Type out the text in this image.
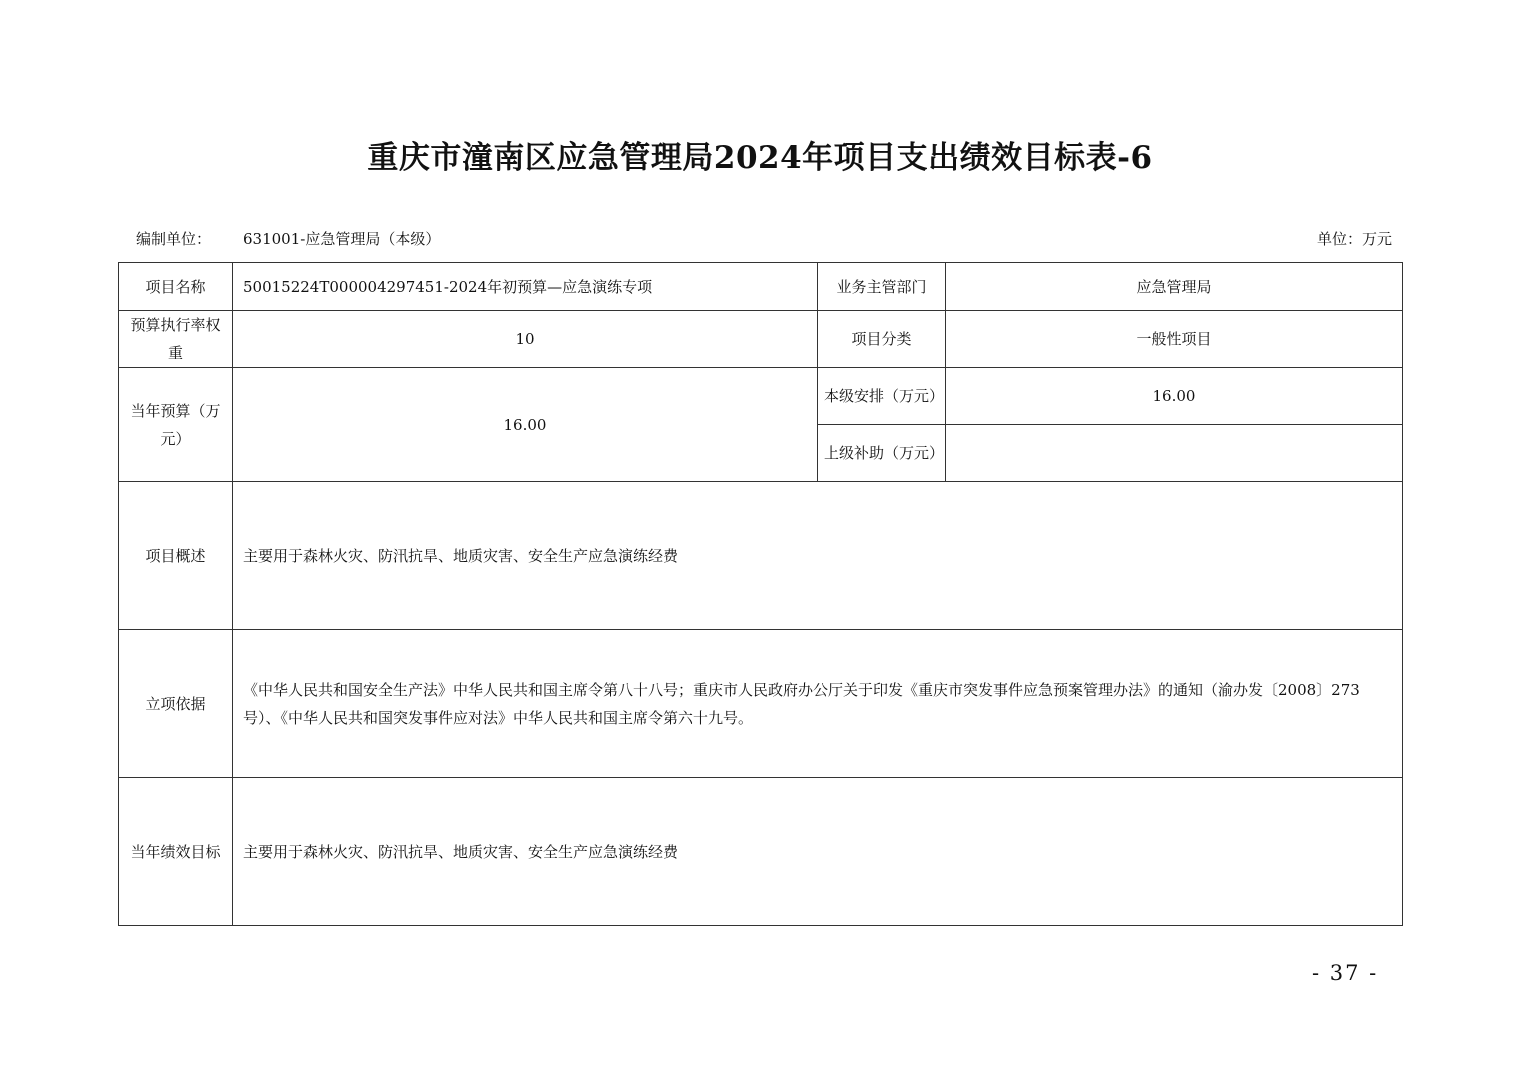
重庆市潼南区应急管理局2024年项目支出绩效目标表-6
编制单位： 631001-应急管理局（本级）	单位：万元
项目名称	50015224T000004297451-2024年初预算—应急演练专项	业务主管部门	应急管理局
预算执行率权重	10	项目分类	一般性项目
当年预算（万元）	16.00	本级安排（万元）	16.00
		上级补助（万元）	
项目概述	主要用于森林火灾、防汛抗旱、地质灾害、安全生产应急演练经费		
立项依据	《中华人民共和国安全生产法》中华人民共和国主席令第八十八号；重庆市人民政府办公厅关于印发《重庆市突发事件应急预案管理办法》的通知（渝办发〔2008〕273号）、《中华人民共和国突发事件应对法》中华人民共和国主席令第六十九号。		
当年绩效目标	主要用于森林火灾、防汛抗旱、地质灾害、安全生产应急演练经费		
- 37 -
